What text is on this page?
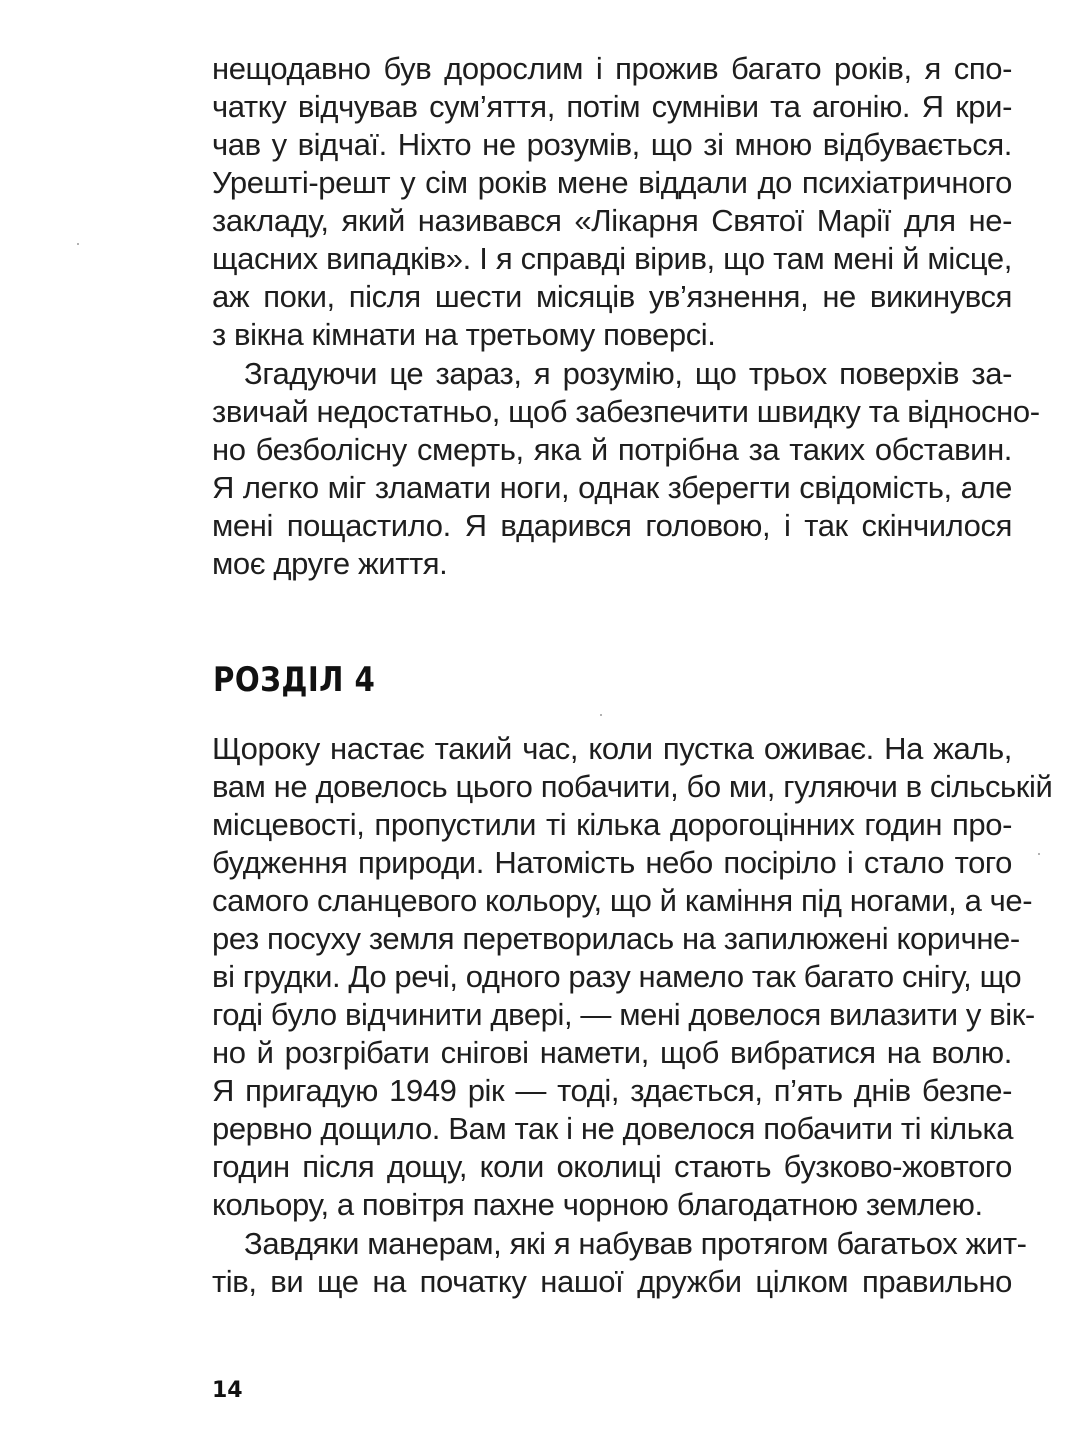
нещодавно був дорослим і прожив багато років, я спо-
чатку відчував сум’яття, потім сумніви та агонію. Я кри-
чав у відчаї. Ніхто не розумів, що зі мною відбувається.
Урешті-решт у сім років мене віддали до психіатричного
закладу, який називався «Лікарня Святої Марії для не-
щасних випадків». І я справді вірив, що там мені й місце,
аж поки, після шести місяців ув’язнення, не викинувся
з вікна кімнати на третьому поверсі.
Згадуючи це зараз, я розумію, що трьох поверхів за-
звичай недостатньо, щоб забезпечити швидку та відносно-
но безболісну смерть, яка й потрібна за таких обставин.
Я легко міг зламати ноги, однак зберегти свідомість, але
мені пощастило. Я вдарився головою, і так скінчилося
моє друге життя.
РОЗДІЛ 4
Щороку настає такий час, коли пустка оживає. На жаль,
вам не довелось цього побачити, бо ми, гуляючи в сільській
місцевості, пропустили ті кілька дорогоцінних годин про-
будження природи. Натомість небо посіріло і стало того
самого сланцевого кольору, що й каміння під ногами, а че-
рез посуху земля перетворилась на запилюжені коричне-
ві грудки. До речі, одного разу намело так багато снігу, що
годі було відчинити двері, — мені довелося вилазити у вік-
но й розгрібати снігові намети, щоб вибратися на волю.
Я пригадую 1949 рік — тоді, здається, п’ять днів безпе-
рервно дощило. Вам так і не довелося побачити ті кілька
годин після дощу, коли околиці стають бузково-жовтого
кольору, а повітря пахне чорною благодатною землею.
Завдяки манерам, які я набував протягом багатьох жит-
тів, ви ще на початку нашої дружби цілком правильно
14
